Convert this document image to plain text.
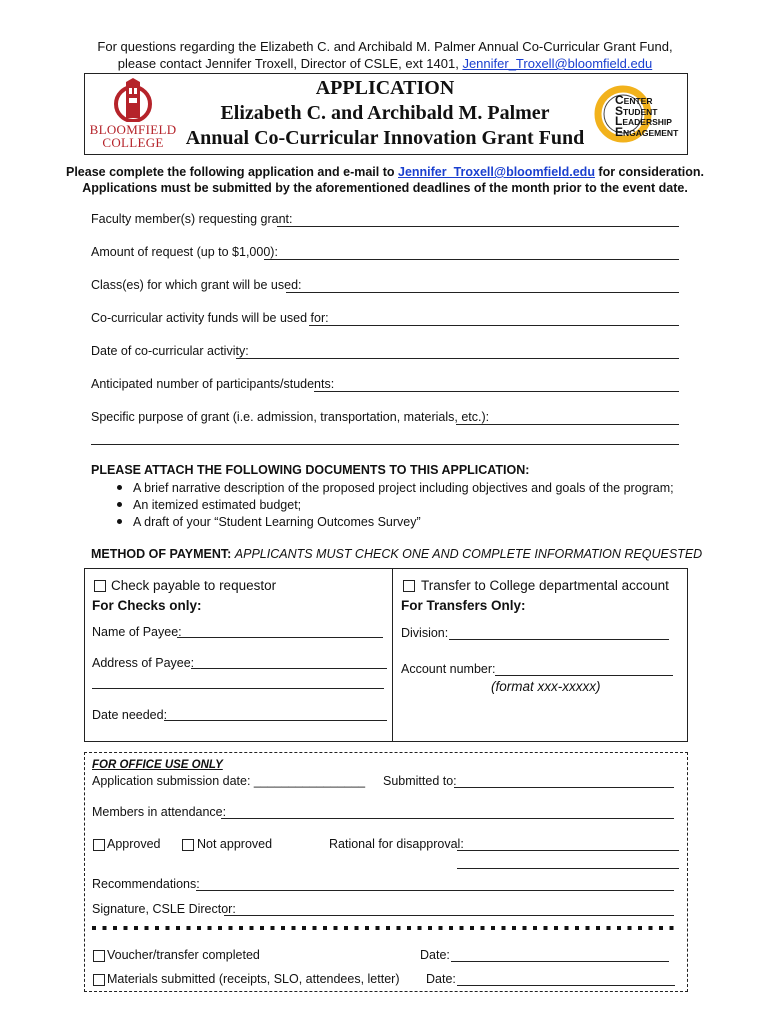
For questions regarding the Elizabeth C. and Archibald M. Palmer Annual Co-Curricular Grant Fund,
please contact Jennifer Troxell, Director of CSLE, ext 1401, Jennifer_Troxell@bloomfield.edu
BLOOMFIELD
COLLEGE
APPLICATION
Elizabeth C. and Archibald M. Palmer
Annual Co-Curricular Innovation Grant Fund
CENTER
STUDENT
LEADERSHIP
ENGAGEMENT
Please complete the following application and e-mail to Jennifer_Troxell@bloomfield.edu for consideration.
Applications must be submitted by the aforementioned deadlines of the month prior to the event date.
Faculty member(s) requesting grant:
Amount of request (up to $1,000):
Class(es) for which grant will be used:
Co-curricular activity funds will be used for:
Date of co-curricular activity:
Anticipated number of participants/students:
Specific purpose of grant (i.e. admission, transportation, materials, etc.):
PLEASE ATTACH THE FOLLOWING DOCUMENTS TO THIS APPLICATION:
A brief narrative description of the proposed project including objectives and goals of the program;
An itemized estimated budget;
A draft of your “Student Learning Outcomes Survey”
METHOD OF PAYMENT: APPLICANTS MUST CHECK ONE AND COMPLETE INFORMATION REQUESTED
Check payable to requestor
For Checks only:
Name of Payee:
Address of Payee:
Date needed:
Transfer to College departmental account
For Transfers Only:
Division:
Account number:
(format xxx-xxxxx)
FOR OFFICE USE ONLY
Application submission date: ________________ Submitted to:
Members in attendance:
Approved	Not approved	Rational for disapproval:
Recommendations:
Signature, CSLE Director:
Voucher/transfer completed	Date:
Materials submitted (receipts, SLO, attendees, letter) Date:
